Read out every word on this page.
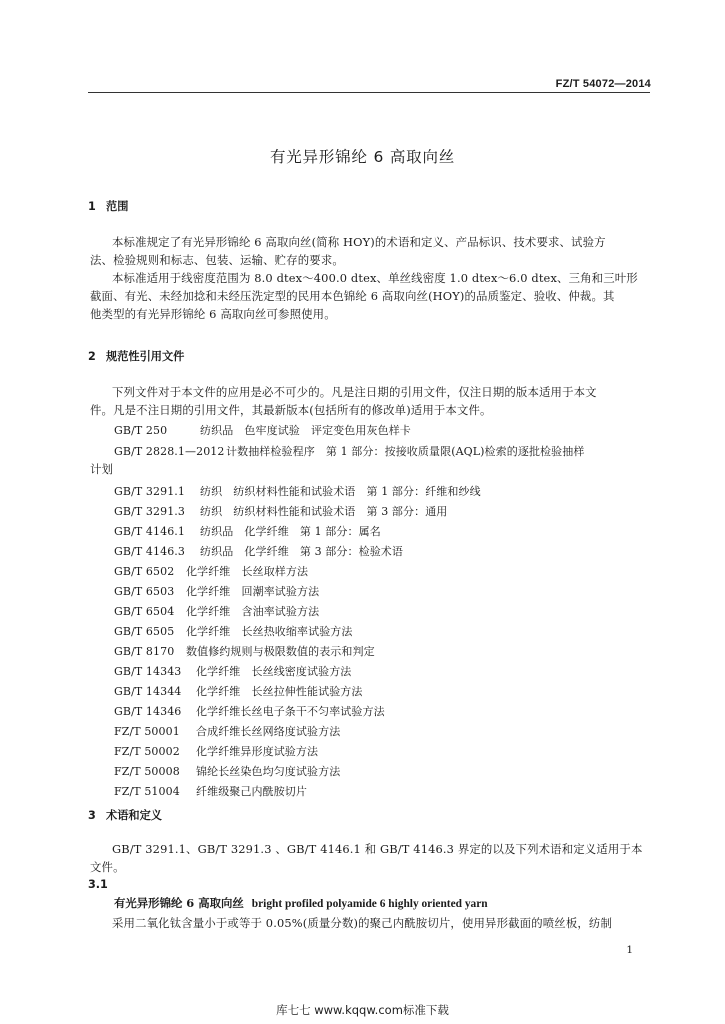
FZ/T 54072—2014
有光异形锦纶 6 高取向丝
1 范围
本标准规定了有光异形锦纶 6 高取向丝(简称 HOY)的术语和定义、产品标识、技术要求、试验方
法、检验规则和标志、包装、运输、贮存的要求。
本标准适用于线密度范围为 8.0 dtex～400.0 dtex、单丝线密度 1.0 dtex～6.0 dtex、三角和三叶形
截面、有光、未经加捻和未经压洗定型的民用本色锦纶 6 高取向丝(HOY)的品质鉴定、验收、仲裁。其
他类型的有光异形锦纶 6 高取向丝可参照使用。
2 规范性引用文件
下列文件对于本文件的应用是必不可少的。凡是注日期的引用文件，仅注日期的版本适用于本文
件。凡是不注日期的引用文件，其最新版本(包括所有的修改单)适用于本文件。
GB/T 250	纺织品　色牢度试验　评定变色用灰色样卡
GB/T 2828.1—2012 计数抽样检验程序　第 1 部分：按接收质量限(AQL)检索的逐批检验抽样
计划
GB/T 3291.1 纺织　纺织材料性能和试验术语　第 1 部分：纤维和纱线
GB/T 3291.3 纺织　纺织材料性能和试验术语　第 3 部分：通用
GB/T 4146.1 纺织品　化学纤维　第 1 部分：属名
GB/T 4146.3 纺织品　化学纤维　第 3 部分：检验术语
GB/T 6502 化学纤维　长丝取样方法
GB/T 6503 化学纤维　回潮率试验方法
GB/T 6504 化学纤维　含油率试验方法
GB/T 6505 化学纤维　长丝热收缩率试验方法
GB/T 8170 数值修约规则与极限数值的表示和判定
GB/T 14343 化学纤维　长丝线密度试验方法
GB/T 14344 化学纤维　长丝拉伸性能试验方法
GB/T 14346 化学纤维长丝电子条干不匀率试验方法
FZ/T 50001 合成纤维长丝网络度试验方法
FZ/T 50002 化学纤维异形度试验方法
FZ/T 50008 锦纶长丝染色均匀度试验方法
FZ/T 51004 纤维级聚己内酰胺切片
3 术语和定义
GB/T 3291.1、GB/T 3291.3 、GB/T 4146.1 和 GB/T 4146.3 界定的以及下列术语和定义适用于本
文件。
3.1
有光异形锦纶 6 高取向丝 bright profiled polyamide 6 highly oriented yarn
采用二氧化钛含量小于或等于 0.05%(质量分数)的聚己内酰胺切片，使用异形截面的喷丝板，纺制
1
库七七 www.kqqw.com标准下载
